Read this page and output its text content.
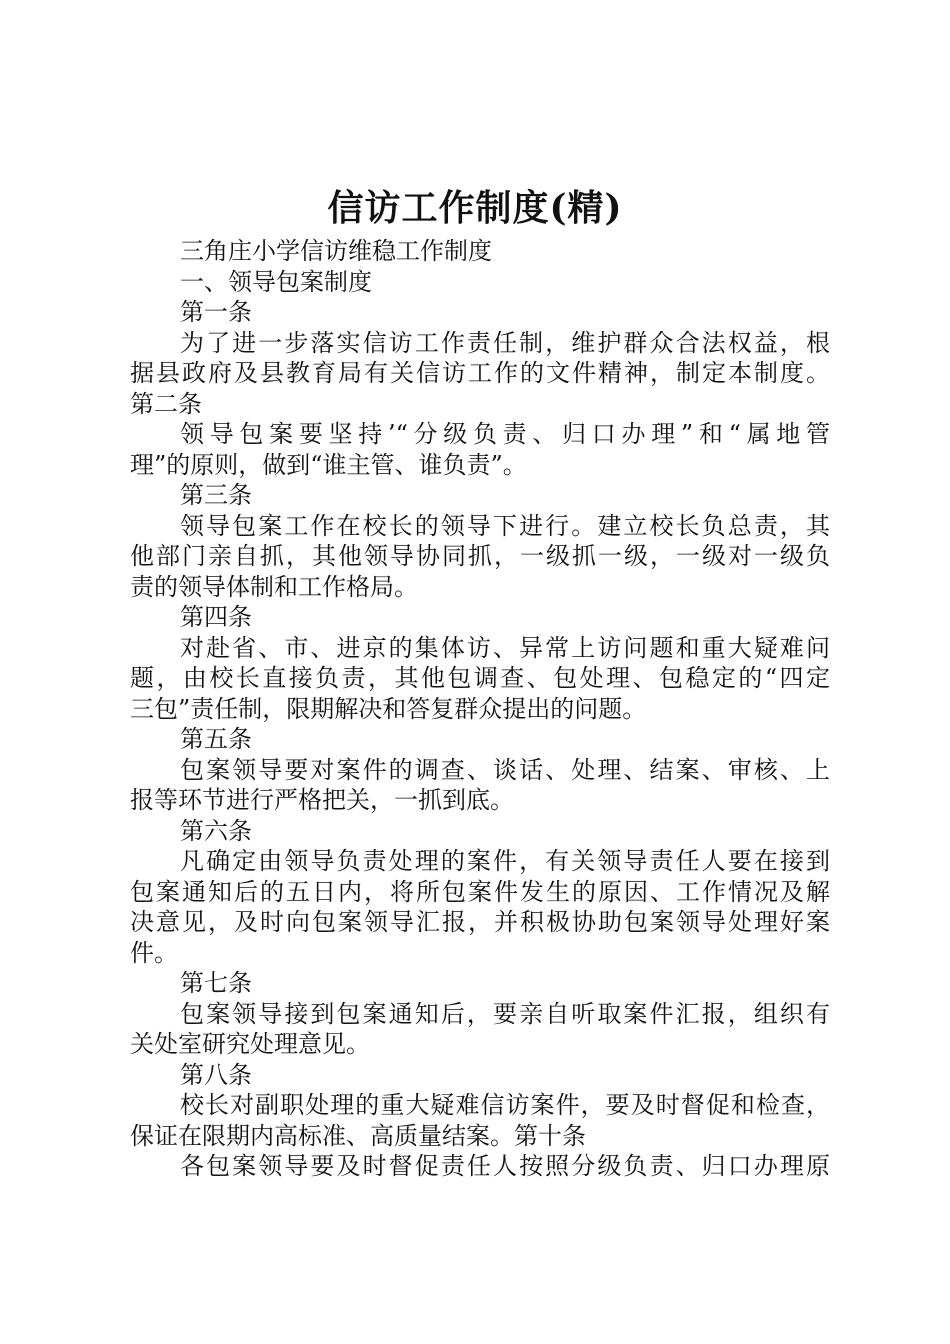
信访工作制度(精)
三角庄小学信访维稳工作制度
一、领导包案制度
第一条
为了进一步落实信访工作责任制，维护群众合法权益，根
据县政府及县教育局有关信访工作的文件精神，制定本制度。
第二条
领导包案要坚持’“分级负责、归口办理”和“属地管
理”的原则，做到“谁主管、谁负责”。
第三条
领导包案工作在校长的领导下进行。建立校长负总责，其
他部门亲自抓，其他领导协同抓，一级抓一级，一级对一级负
责的领导体制和工作格局。
第四条
对赴省、市、进京的集体访、异常上访问题和重大疑难问
题，由校长直接负责，其他包调查、包处理、包稳定的“四定
三包”责任制，限期解决和答复群众提出的问题。
第五条
包案领导要对案件的调查、谈话、处理、结案、审核、上
报等环节进行严格把关，一抓到底。
第六条
凡确定由领导负责处理的案件，有关领导责任人要在接到
包案通知后的五日内，将所包案件发生的原因、工作情况及解
决意见，及时向包案领导汇报，并积极协助包案领导处理好案
件。
第七条
包案领导接到包案通知后，要亲自听取案件汇报，组织有
关处室研究处理意见。
第八条
校长对副职处理的重大疑难信访案件，要及时督促和检查，
保证在限期内高标准、高质量结案。第十条
各包案领导要及时督促责任人按照分级负责、归口办理原
